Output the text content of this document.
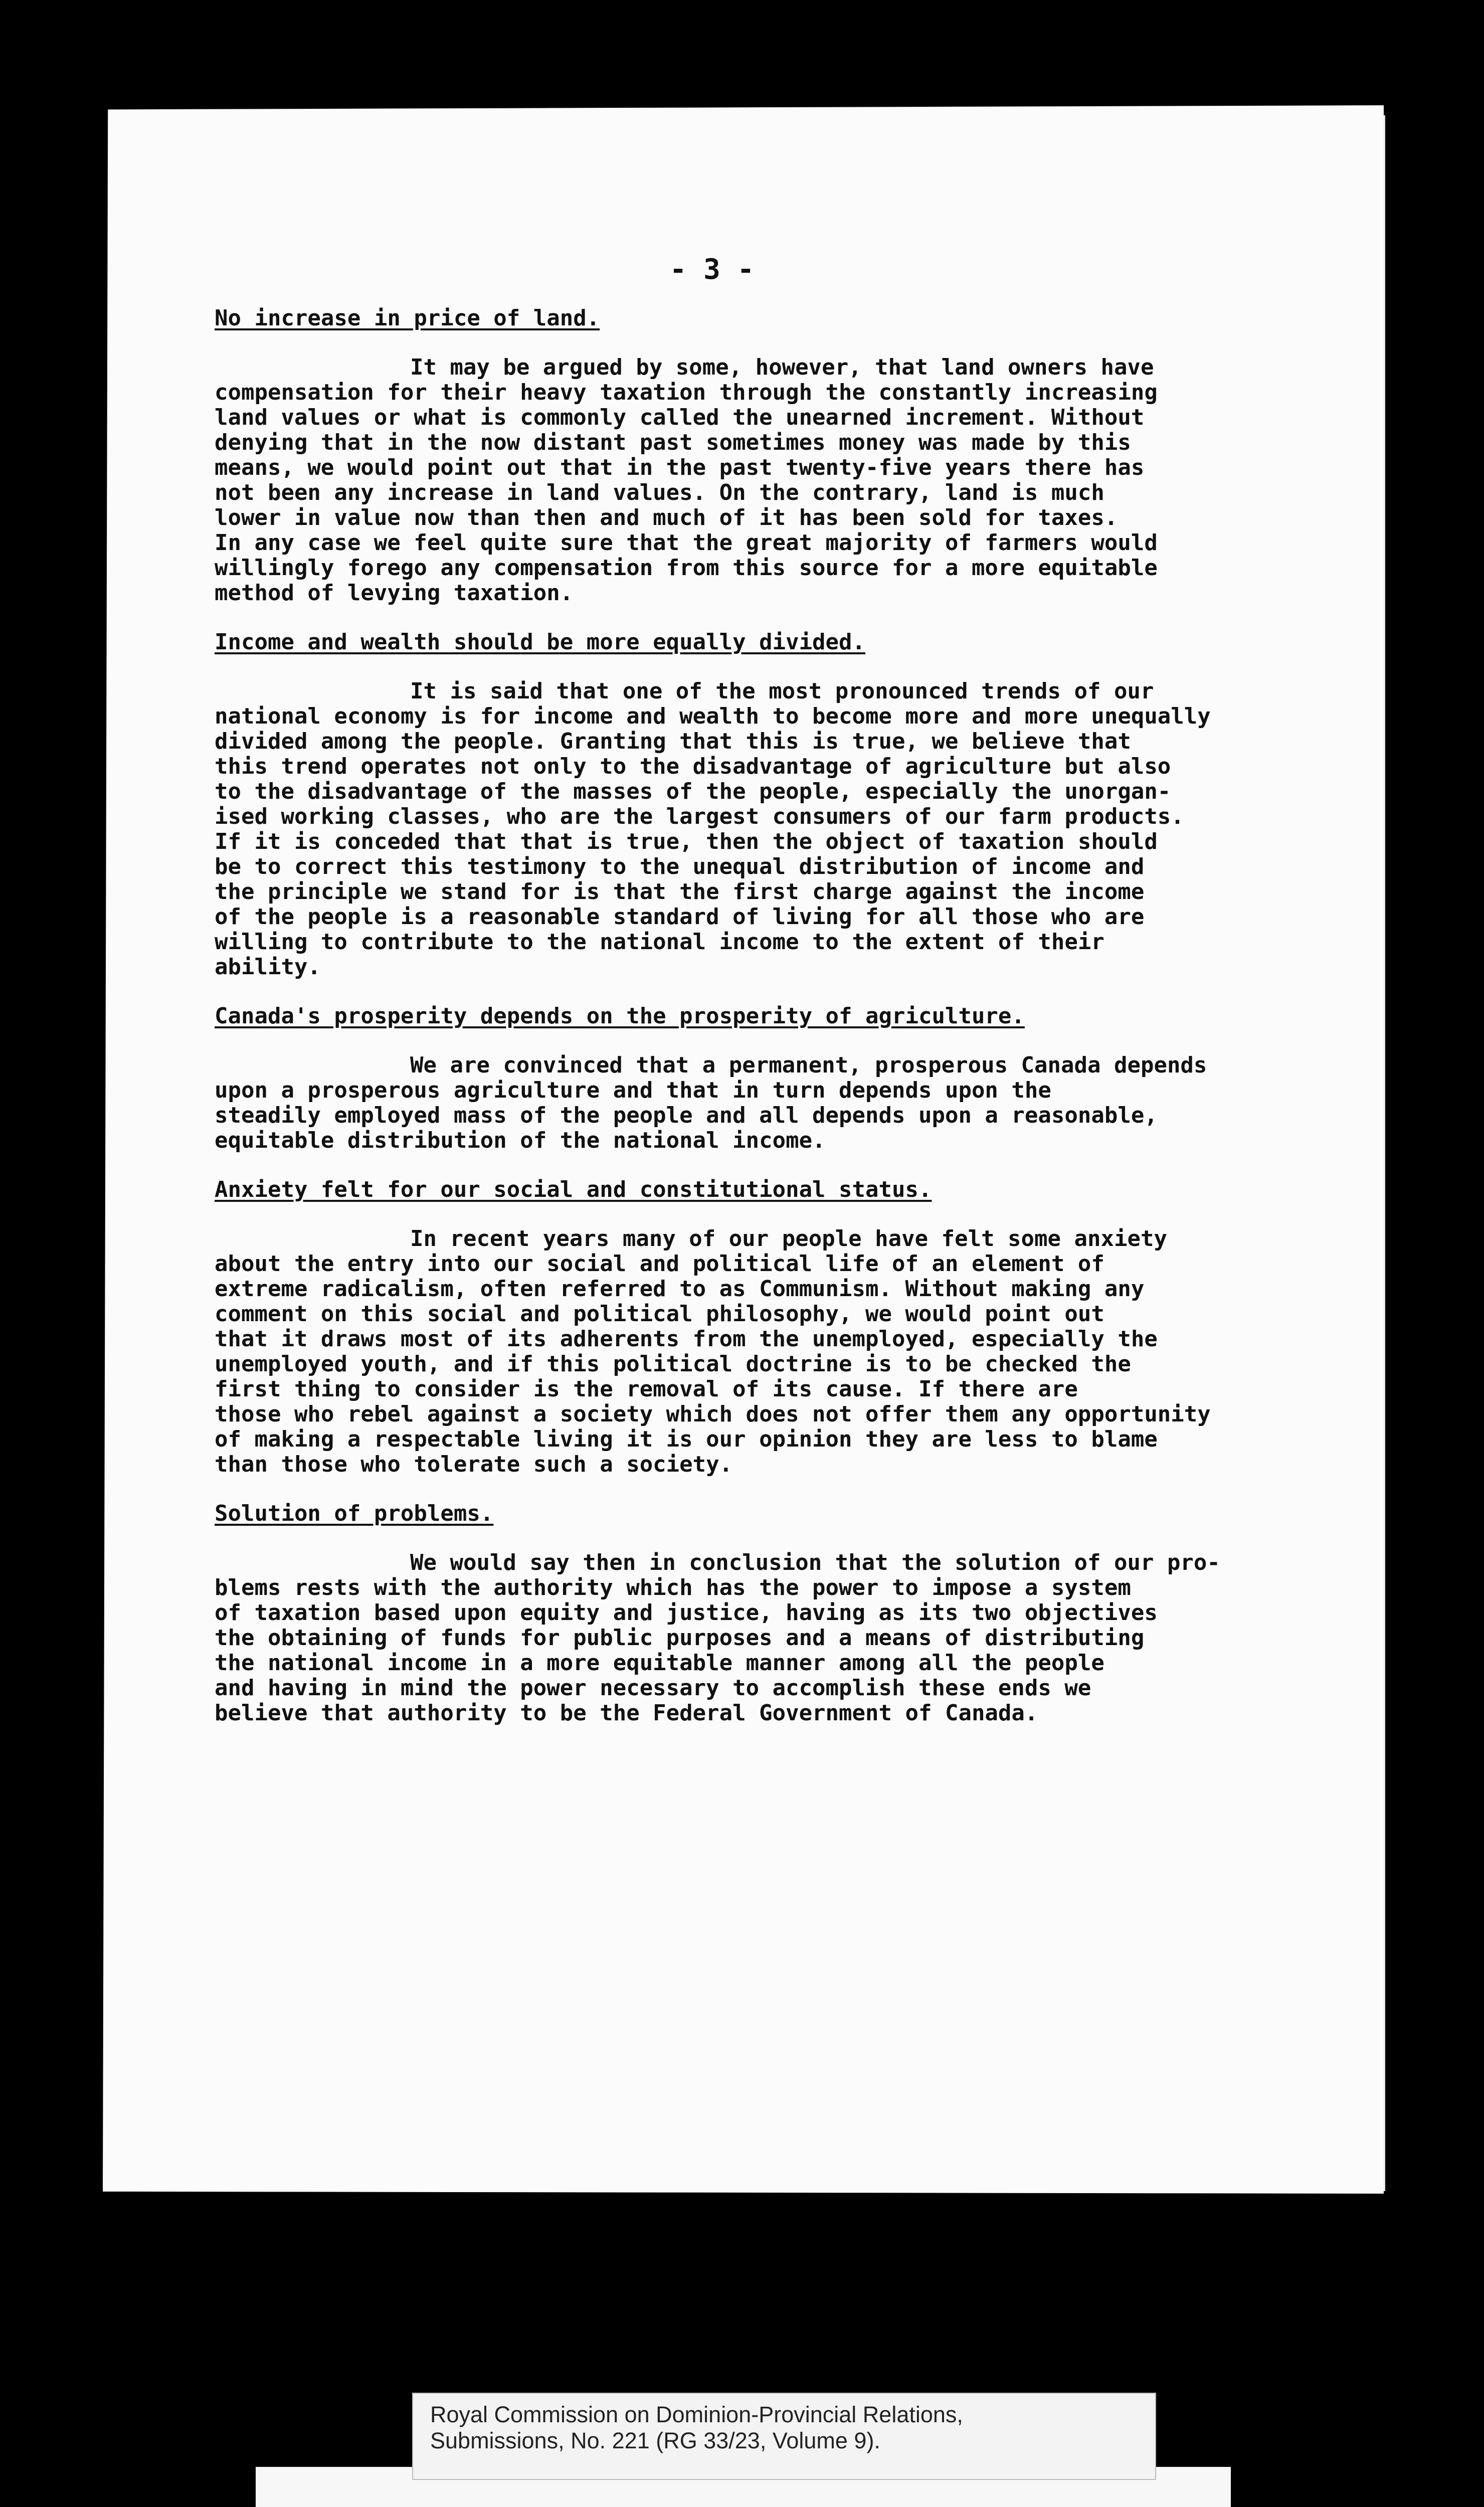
- 3 -

No increase in price of land.

It may be argued by some, however, that land owners have
compensation for their heavy taxation through the constantly increasing
land values or what is commonly called the unearned increment. Without
denying that in the now distant past sometimes money was made by this
means, we would point out that in the past twenty-five years there has
not been any increase in land values. On the contrary, land is much
lower in value now than then and much of it has been sold for taxes.
In any case we feel quite sure that the great majority of farmers would
willingly forego any compensation from this source for a more equitable
method of levying taxation.

Income and wealth should be more equally divided.

It is said that one of the most pronounced trends of our
national economy is for income and wealth to become more and more unequally
divided among the people. Granting that this is true, we believe that
this trend operates not only to the disadvantage of agriculture but also
to the disadvantage of the masses of the people, especially the unorgan-
ised working classes, who are the largest consumers of our farm products.
If it is conceded that that is true, then the object of taxation should
be to correct this testimony to the unequal distribution of income and
the principle we stand for is that the first charge against the income
of the people is a reasonable standard of living for all those who are
willing to contribute to the national income to the extent of their
ability.

Canada's prosperity depends on the prosperity of agriculture.

We are convinced that a permanent, prosperous Canada depends
upon a prosperous agriculture and that in turn depends upon the
steadily employed mass of the people and all depends upon a reasonable,
equitable distribution of the national income.

Anxiety felt for our social and constitutional status.

In recent years many of our people have felt some anxiety
about the entry into our social and political life of an element of
extreme radicalism, often referred to as Communism. Without making any
comment on this social and political philosophy, we would point out
that it draws most of its adherents from the unemployed, especially the
unemployed youth, and if this political doctrine is to be checked the
first thing to consider is the removal of its cause. If there are
those who rebel against a society which does not offer them any opportunity
of making a respectable living it is our opinion they are less to blame
than those who tolerate such a society.

Solution of problems.

We would say then in conclusion that the solution of our pro-
blems rests with the authority which has the power to impose a system
of taxation based upon equity and justice, having as its two objectives
the obtaining of funds for public purposes and a means of distributing
the national income in a more equitable manner among all the people
and having in mind the power necessary to accomplish these ends we
believe that authority to be the Federal Government of Canada.

Royal Commission on Dominion-Provincial Relations,
Submissions, No. 221 (RG 33/23, Volume 9).
